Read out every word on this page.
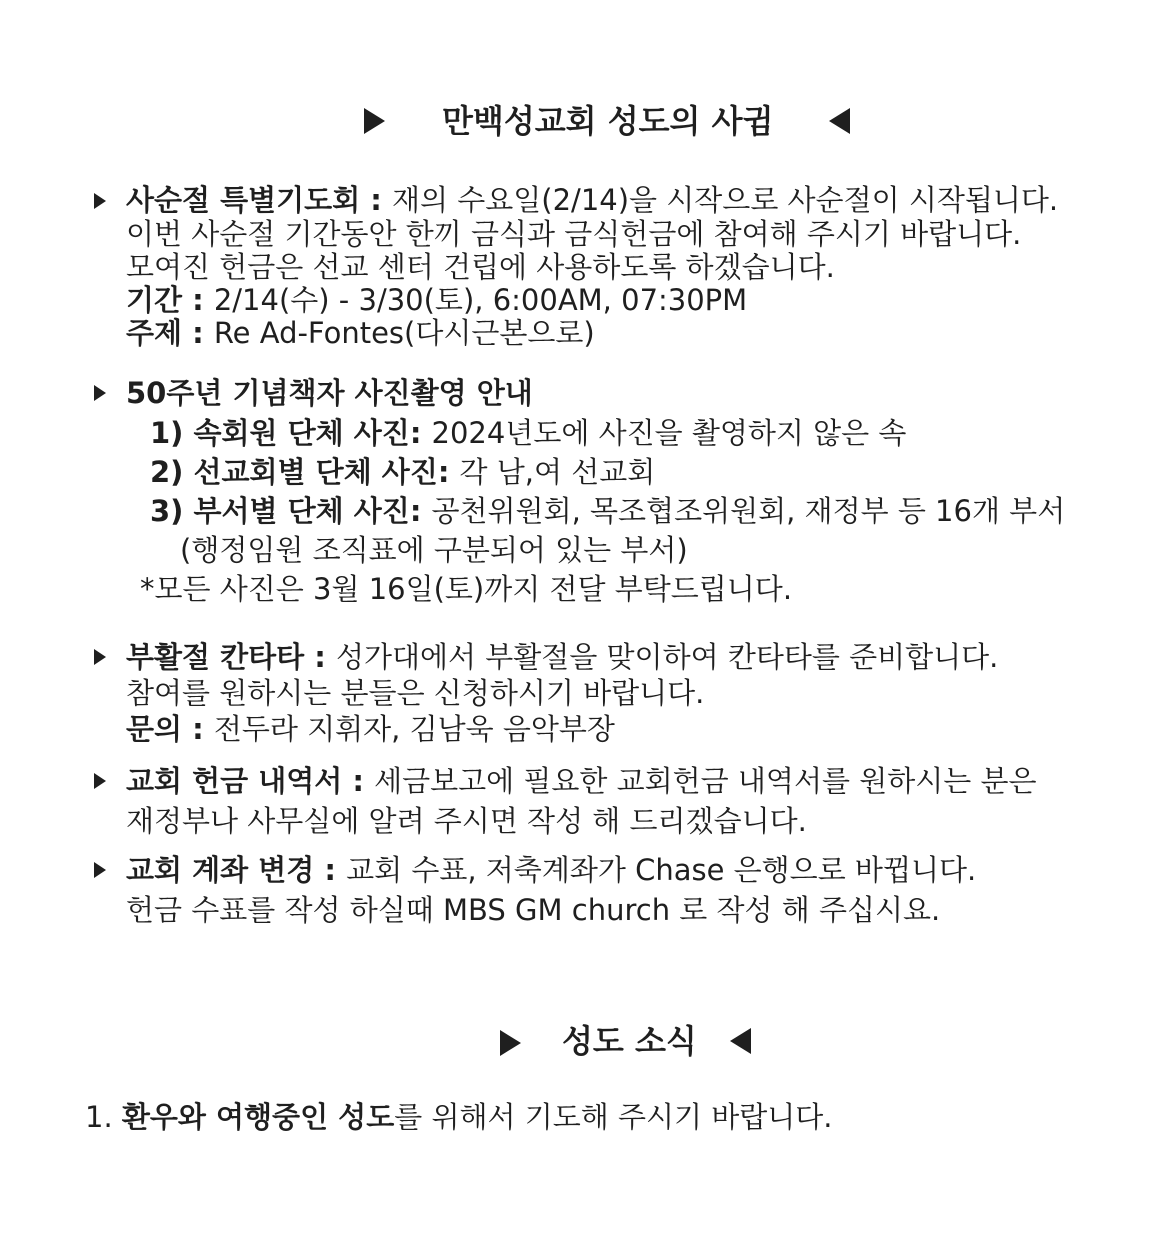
만백성교회 성도의 사귐
사순절 특별기도회 : 재의 수요일(2/14)을 시작으로 사순절이 시작됩니다.
이번 사순절 기간동안 한끼 금식과 금식헌금에 참여해 주시기 바랍니다.
모여진 헌금은 선교 센터 건립에 사용하도록 하겠습니다.
기간 : 2/14(수) - 3/30(토), 6:00AM, 07:30PM
주제 : Re Ad-Fontes(다시근본으로)
50주년 기념책자 사진촬영 안내
1) 속회원 단체 사진: 2024년도에 사진을 촬영하지 않은 속
2) 선교회별 단체 사진: 각 남,여 선교회
3) 부서별 단체 사진: 공천위원회, 목조협조위원회, 재정부 등 16개 부서
(행정임원 조직표에 구분되어 있는 부서)
*모든 사진은 3월 16일(토)까지 전달 부탁드립니다.
부활절 칸타타 : 성가대에서 부활절을 맞이하여 칸타타를 준비합니다.
참여를 원하시는 분들은 신청하시기 바랍니다.
문의 : 전두라 지휘자, 김남욱 음악부장
교회 헌금 내역서 : 세금보고에 필요한 교회헌금 내역서를 원하시는 분은
재정부나 사무실에 알려 주시면 작성 해 드리겠습니다.
교회 계좌 변경 : 교회 수표, 저축계좌가 Chase 은행으로 바뀝니다.
헌금 수표를 작성 하실때 MBS GM church 로 작성 해 주십시요.
성도 소식
1. 환우와 여행중인 성도를 위해서 기도해 주시기 바랍니다.
